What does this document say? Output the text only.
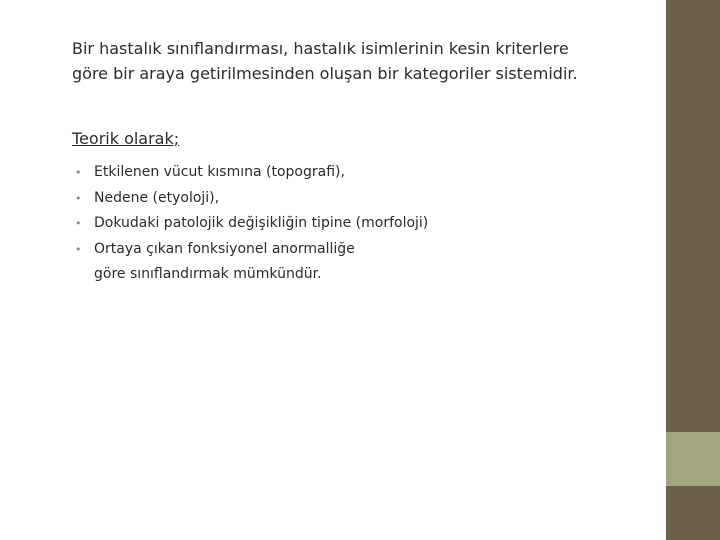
Bir hastalık sınıflandırması, hastalık isimlerinin kesin kriterlere
göre bir araya getirilmesinden oluşan bir kategoriler sistemidir.

Teorik olarak;

• Etkilenen vücut kısmına (topografi),
• Nedene (etyoloji),
• Dokudaki patolojik değişikliğin tipine (morfoloji)
• Ortaya çıkan fonksiyonel anormalliğe
göre sınıflandırmak mümkündür.
